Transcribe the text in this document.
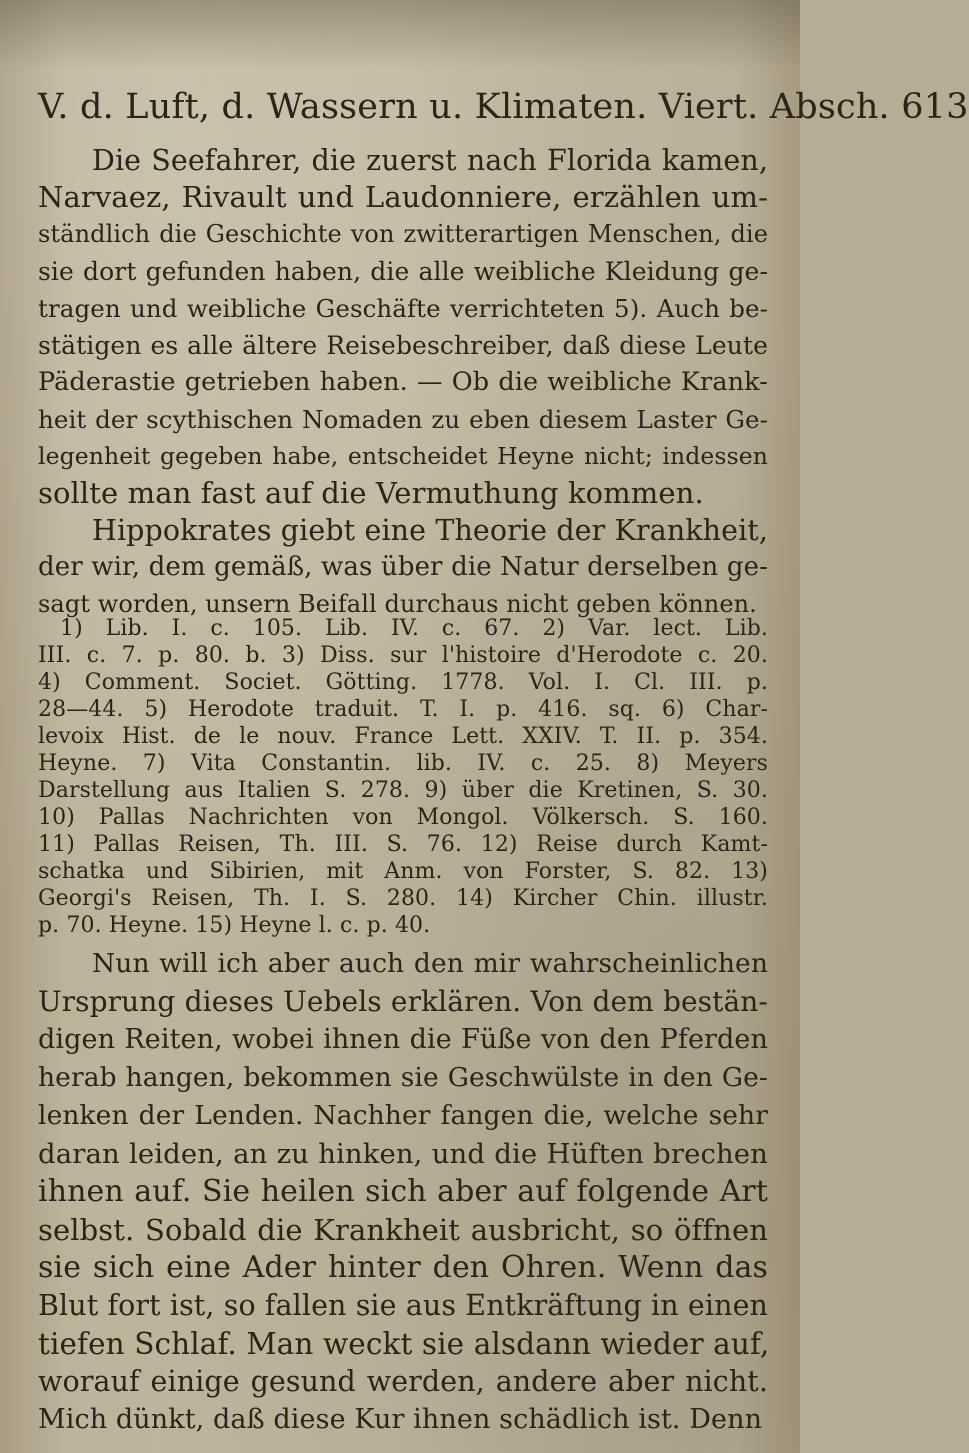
V. d. Luft, d. Wassern u. Klimaten. Viert. Absch. 613
Die Seefahrer, die zuerst nach Florida kamen,
Narvaez, Rivault und Laudonniere, erzählen um-
ständlich die Geschichte von zwitterartigen Menschen, die
sie dort gefunden haben, die alle weibliche Kleidung ge-
tragen und weibliche Geschäfte verrichteten 5). Auch be-
stätigen es alle ältere Reisebeschreiber, daß diese Leute
Päderastie getrieben haben. — Ob die weibliche Krank-
heit der scythischen Nomaden zu eben diesem Laster Ge-
legenheit gegeben habe, entscheidet Heyne nicht; indessen
sollte man fast auf die Vermuthung kommen.
Hippokrates giebt eine Theorie der Krankheit,
der wir, dem gemäß, was über die Natur derselben ge-
sagt worden, unsern Beifall durchaus nicht geben können.
1) Lib. I. c. 105. Lib. IV. c. 67. 2) Var. lect. Lib.
III. c. 7. p. 80. b. 3) Diss. sur l'histoire d'Herodote c. 20.
4) Comment. Societ. Götting. 1778. Vol. I. Cl. III. p.
28—44. 5) Herodote traduit. T. I. p. 416. sq. 6) Char-
levoix Hist. de le nouv. France Lett. XXIV. T. II. p. 354.
Heyne. 7) Vita Constantin. lib. IV. c. 25. 8) Meyers
Darstellung aus Italien S. 278. 9) über die Kretinen, S. 30.
10) Pallas Nachrichten von Mongol. Völkersch. S. 160.
11) Pallas Reisen, Th. III. S. 76. 12) Reise durch Kamt-
schatka und Sibirien, mit Anm. von Forster, S. 82. 13)
Georgi's Reisen, Th. I. S. 280. 14) Kircher Chin. illustr.
p. 70. Heyne. 15) Heyne l. c. p. 40.
Nun will ich aber auch den mir wahrscheinlichen
Ursprung dieses Uebels erklären. Von dem bestän-
digen Reiten, wobei ihnen die Füße von den Pferden
herab hangen, bekommen sie Geschwülste in den Ge-
lenken der Lenden. Nachher fangen die, welche sehr
daran leiden, an zu hinken, und die Hüften brechen
ihnen auf. Sie heilen sich aber auf folgende Art
selbst. Sobald die Krankheit ausbricht, so öffnen
sie sich eine Ader hinter den Ohren. Wenn das
Blut fort ist, so fallen sie aus Entkräftung in einen
tiefen Schlaf. Man weckt sie alsdann wieder auf,
worauf einige gesund werden, andere aber nicht.
Mich dünkt, daß diese Kur ihnen schädlich ist. Denn
